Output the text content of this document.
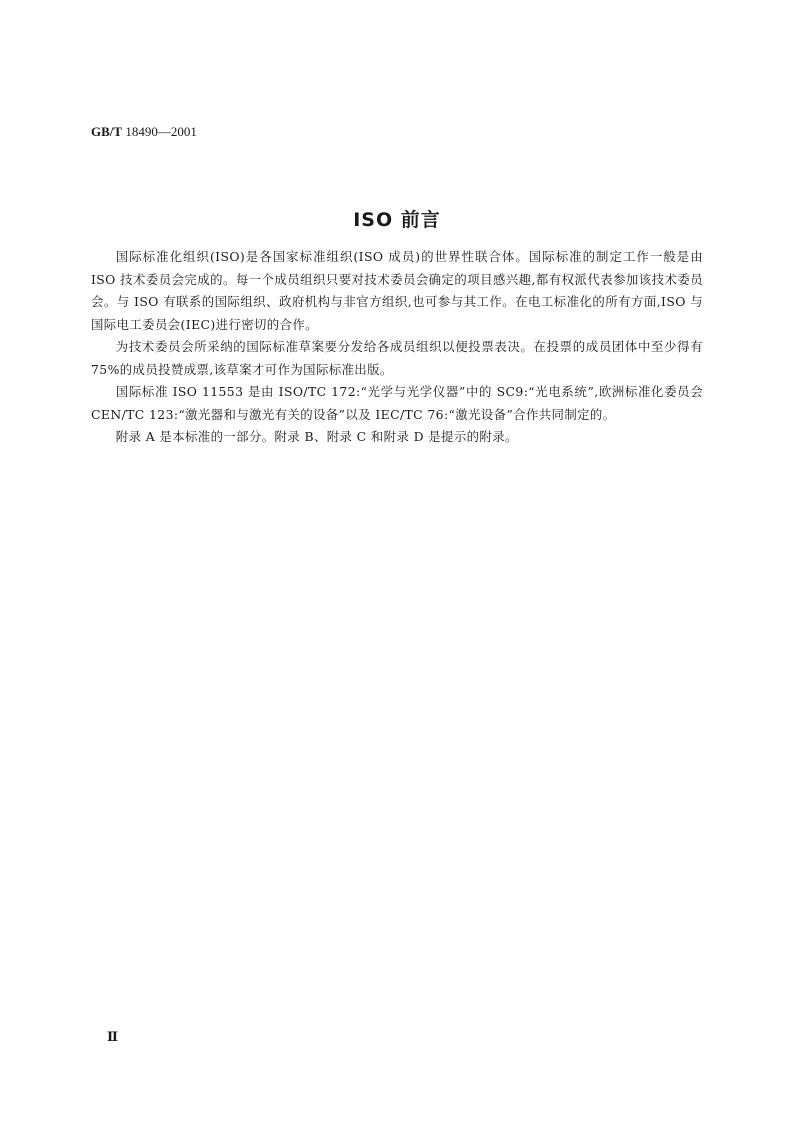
GB/T 18490—2001
ISO 前言

国际标准化组织(ISO)是各国家标准组织(ISO 成员)的世界性联合体。国际标准的制定工作一般是由 ISO 技术委员会完成的。每一个成员组织只要对技术委员会确定的项目感兴趣,都有权派代表参加该技术委员会。与 ISO 有联系的国际组织、政府机构与非官方组织,也可参与其工作。在电工标准化的所有方面,ISO 与国际电工委员会(IEC)进行密切的合作。

为技术委员会所采纳的国际标准草案要分发给各成员组织以便投票表决。在投票的成员团体中至少得有 75%的成员投赞成票,该草案才可作为国际标准出版。

国际标准 ISO 11553 是由 ISO/TC 172:“光学与光学仪器”中的 SC9:“光电系统”,欧洲标准化委员会 CEN/TC 123:“激光器和与激光有关的设备”以及 IEC/TC 76:“激光设备”合作共同制定的。

附录 A 是本标准的一部分。附录 B、附录 C 和附录 D 是提示的附录。

Ⅱ
